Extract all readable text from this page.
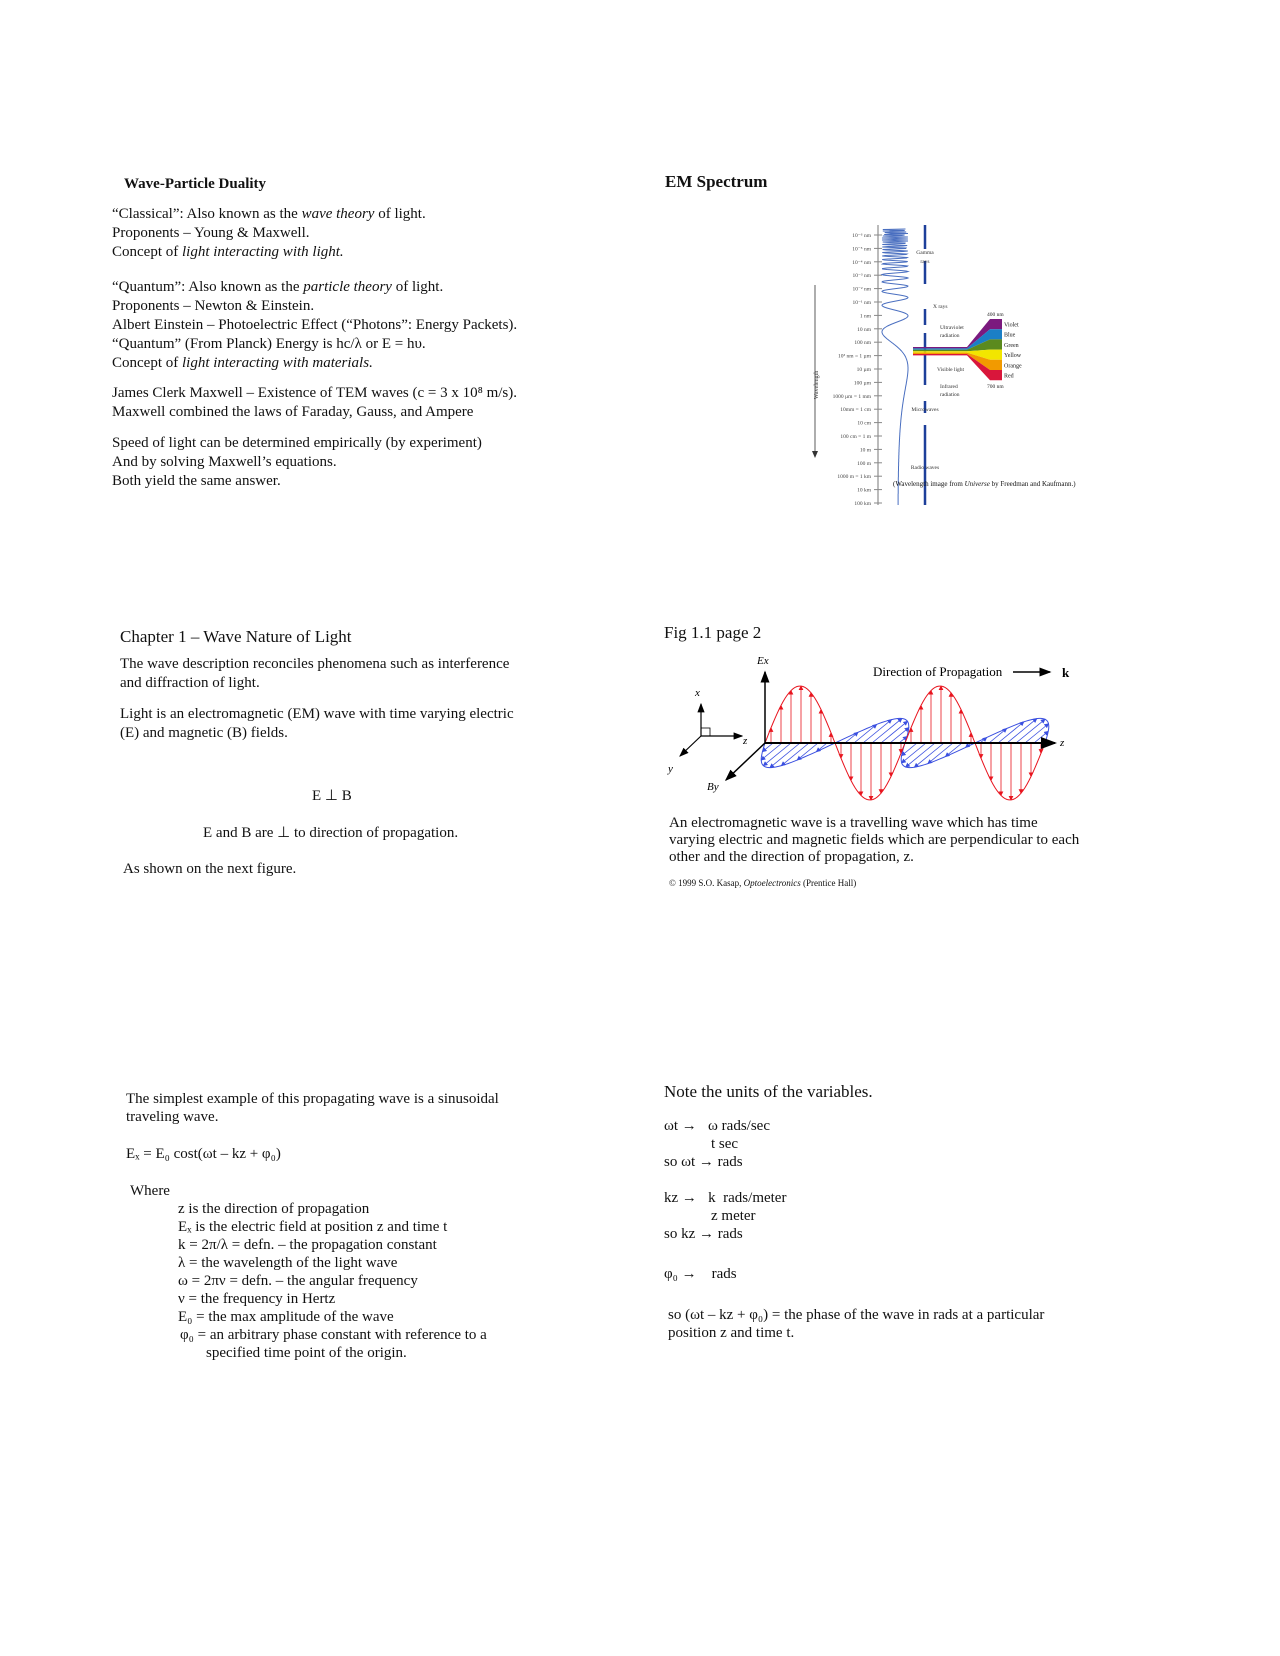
Wave-Particle Duality

“Classical”: Also known as the wave theory of light.

Proponents – Young & Maxwell.

Concept of light interacting with light.

“Quantum”: Also known as the particle theory of light.

Proponents – Newton & Einstein.

Albert Einstein – Photoelectric Effect (“Photons”: Energy Packets).

“Quantum” (From Planck) Energy is hc/λ or E = hυ.

Concept of light interacting with materials.

James Clerk Maxwell – Existence of TEM waves (c = 3 x 10⁸ m/s).

Maxwell combined the laws of Faraday, Gauss, and Ampere

Speed of light can be determined empirically (by experiment)

And by solving Maxwell’s equations.

Both yield the same answer.

EM Spectrum
10⁻⁶ nm
10⁻⁵ nm
10⁻⁴ nm
10⁻³ nm
10⁻² nm
10⁻¹ nm
1 nm
10 nm
100 nm
10³ nm = 1 µm
10 µm
100 µm
1000 µm = 1 mm
10mm = 1 cm
10 cm
100 cm = 1 m
10 m
100 m
1000 m = 1 km
10 km
100 km
Wavelength
Gamma
rays
X rays
Ultraviolet
radiation
Visible light
Infrared
radiation
Microwaves
Radio waves
Violet
Blue
Green
Yellow
Orange
Red
400 nm
700 nm
(Wavelength image from Universe by Freedman and Kaufmann.)

Chapter 1 – Wave Nature of Light

The wave description reconciles phenomena such as interference

and diffraction of light.

Light is an electromagnetic (EM) wave with time varying electric

(E) and magnetic (B) fields.

E ⊥ B
E and B are ⊥ to direction of propagation.
As shown on the next figure.
Fig 1.1 page 2
Ex
x
y
z	z
By
Direction of Propagation	k

An electromagnetic wave is a travelling wave which has time

varying electric and magnetic fields which are perpendicular to each

other and the direction of propagation, z.

© 1999 S.O. Kasap, Optoelectronics (Prentice Hall)

The simplest example of this propagating wave is a sinusoidal

traveling wave.

Eₓ = E₀ cost(ωt – kz + φ₀)

Where

z is the direction of propagation

Eₓ is the electric field at position z and time t

k = 2π/λ = defn. – the propagation constant

λ = the wavelength of the light wave

ω = 2πν = defn. – the angular frequency

ν = the frequency in Hertz

E₀ = the max amplitude of the wave

φ₀ = an arbitrary phase constant with reference to a

specified time point of the origin.

Note the units of the variables.

ωt →   ω rads/sec

t sec

so ωt → rads

kz →   k  rads/meter

z meter

so kz → rads

φ₀ →    rads

so (ωt – kz + φ₀) = the phase of the wave in rads at a particular

position z and time t.
